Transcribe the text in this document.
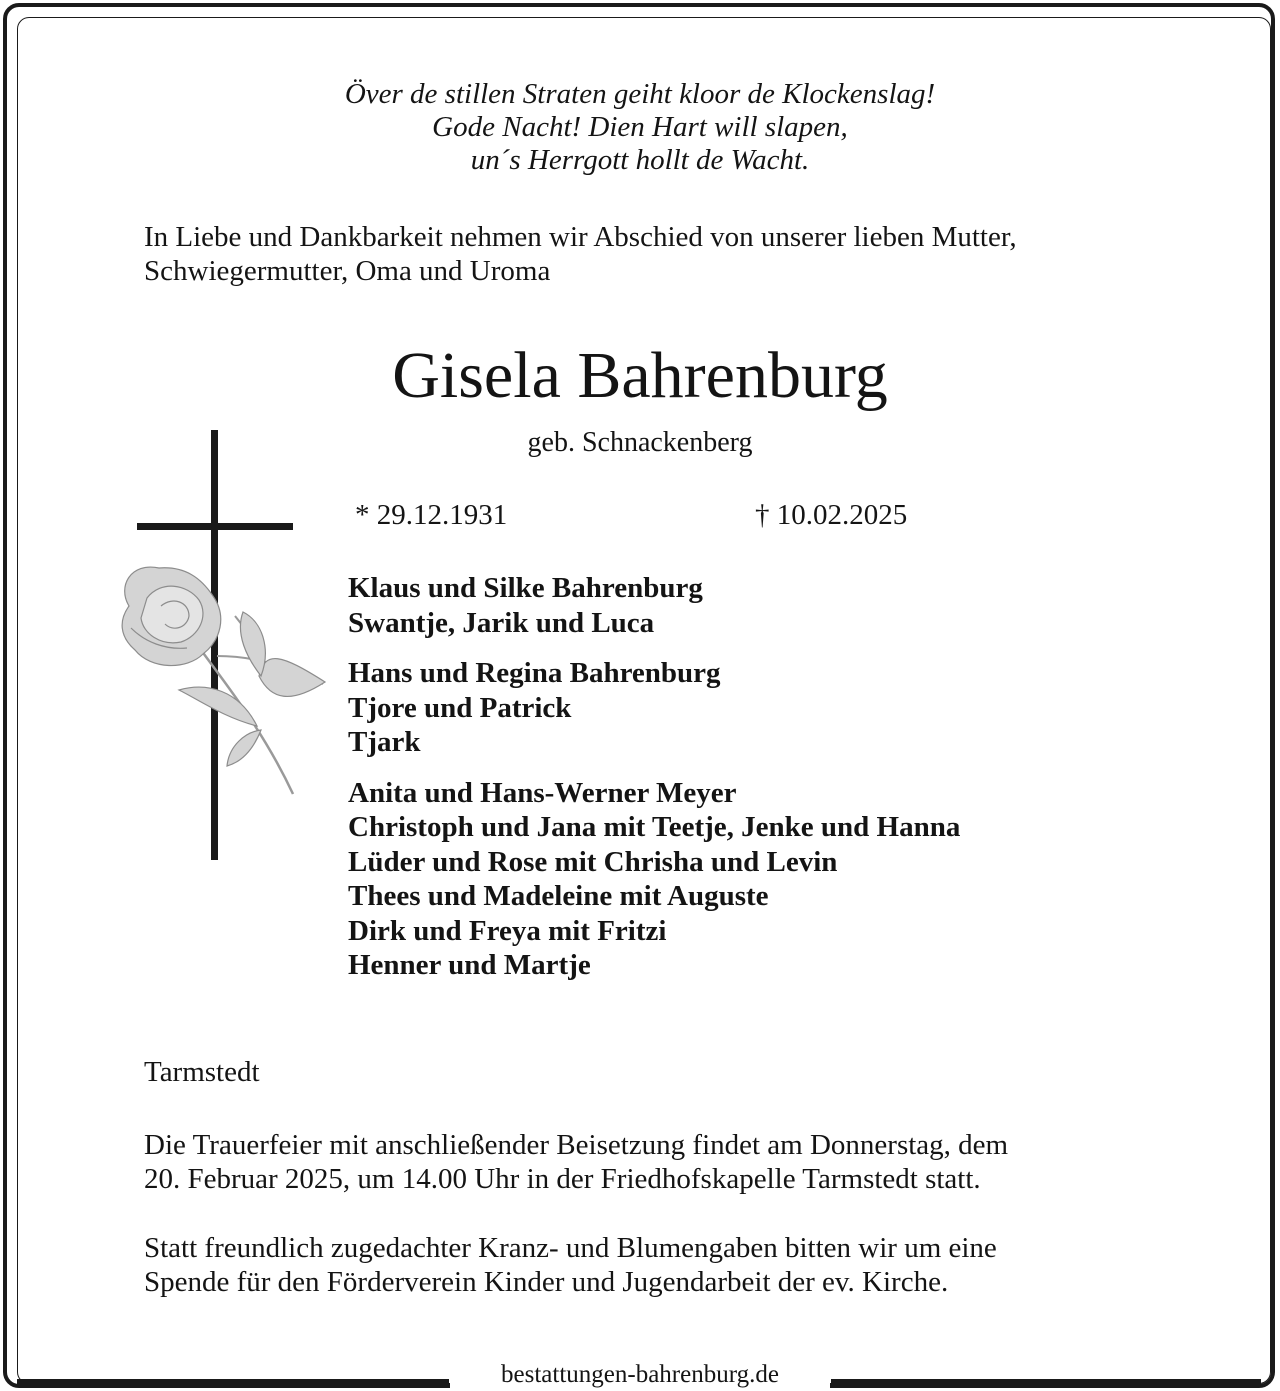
bestattungen-bahrenburg.de
Över de stillen Straten geiht kloor de Klockenslag!
Gode Nacht! Dien Hart will slapen,
un´s Herrgott hollt de Wacht.
In Liebe und Dankbarkeit nehmen wir Abschied von unserer lieben Mutter,
Schwiegermutter, Oma und Uroma
Gisela Bahrenburg
geb. Schnackenberg
* 29.12.1931	† 10.02.2025
Klaus und Silke Bahrenburg
Swantje, Jarik und Luca
Hans und Regina Bahrenburg
Tjore und Patrick
Tjark
Anita und Hans-Werner Meyer
Christoph und Jana mit Teetje, Jenke und Hanna
Lüder und Rose mit Chrisha und Levin
Thees und Madeleine mit Auguste
Dirk und Freya mit Fritzi
Henner und Martje
Tarmstedt
Die Trauerfeier mit anschließender Beisetzung findet am Donnerstag, dem
20. Februar 2025, um 14.00 Uhr in der Friedhofskapelle Tarmstedt statt.
Statt freundlich zugedachter Kranz- und Blumengaben bitten wir um eine
Spende für den Förderverein Kinder und Jugendarbeit der ev. Kirche.
